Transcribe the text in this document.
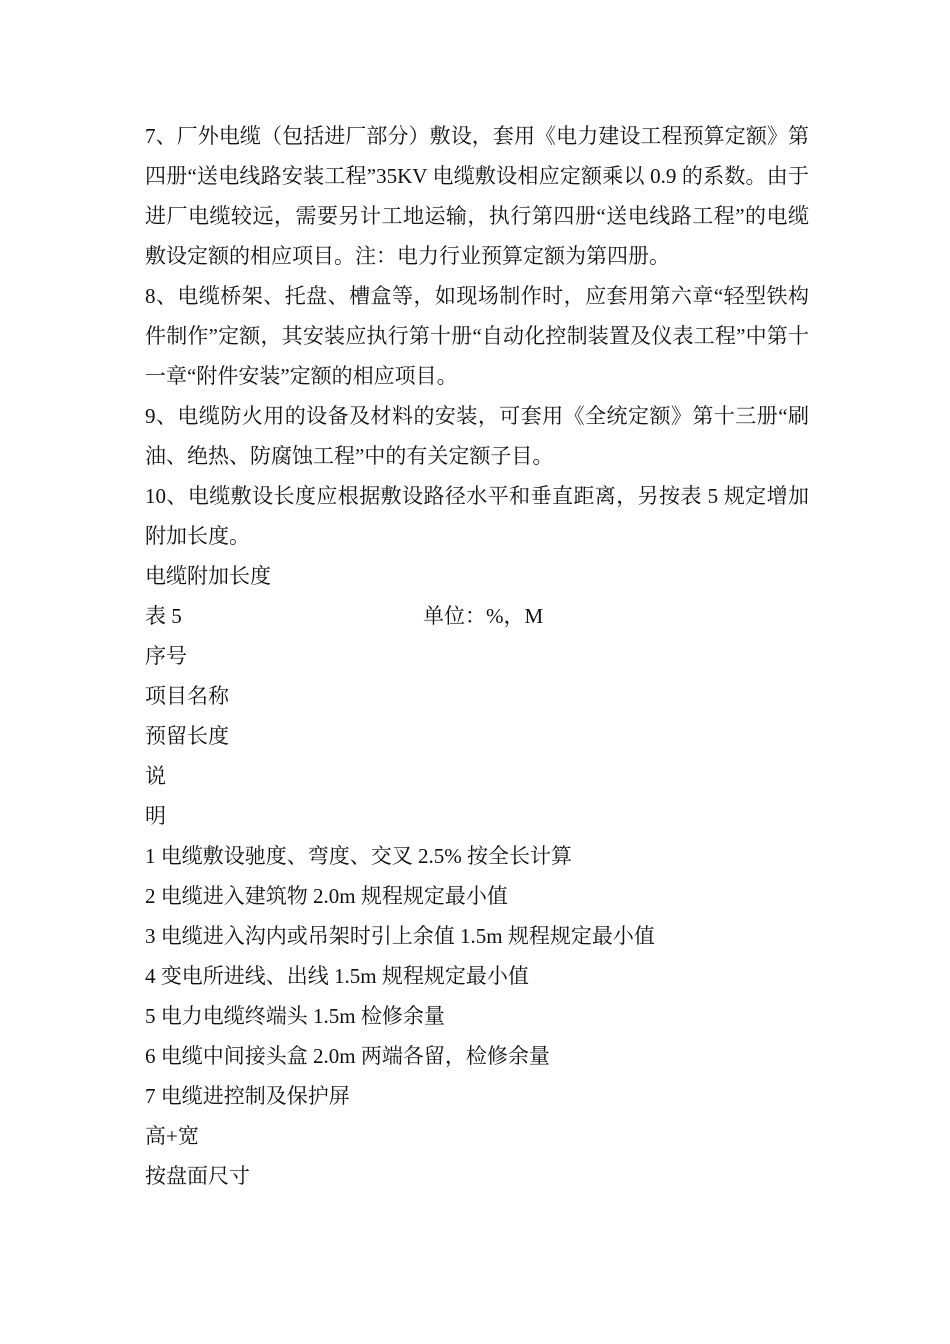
7、厂外电缆（包括进厂部分）敷设，套用《电力建设工程预算定额》第四册“送电线路安装工程”35KV 电缆敷设相应定额乘以 0.9 的系数。由于进厂电缆较远，需要另计工地运输，执行第四册“送电线路工程”的电缆敷设定额的相应项目。注：电力行业预算定额为第四册。

8、电缆桥架、托盘、槽盒等，如现场制作时，应套用第六章“轻型铁构件制作”定额，其安装应执行第十册“自动化控制装置及仪表工程”中第十一章“附件安装”定额的相应项目。

9、电缆防火用的设备及材料的安装，可套用《全统定额》第十三册“刷油、绝热、防腐蚀工程”中的有关定额子目。

10、电缆敷设长度应根据敷设路径水平和垂直距离，另按表 5 规定增加附加长度。

电缆附加长度

表 5	单位：%，M

序号

项目名称

预留长度

说

明

1 电缆敷设驰度、弯度、交叉 2.5% 按全长计算

2 电缆进入建筑物 2.0m 规程规定最小值

3 电缆进入沟内或吊架时引上余值 1.5m 规程规定最小值

4 变电所进线、出线 1.5m 规程规定最小值

5 电力电缆终端头 1.5m 检修余量

6 电缆中间接头盒 2.0m 两端各留，检修余量

7 电缆进控制及保护屏

高+宽

按盘面尺寸
